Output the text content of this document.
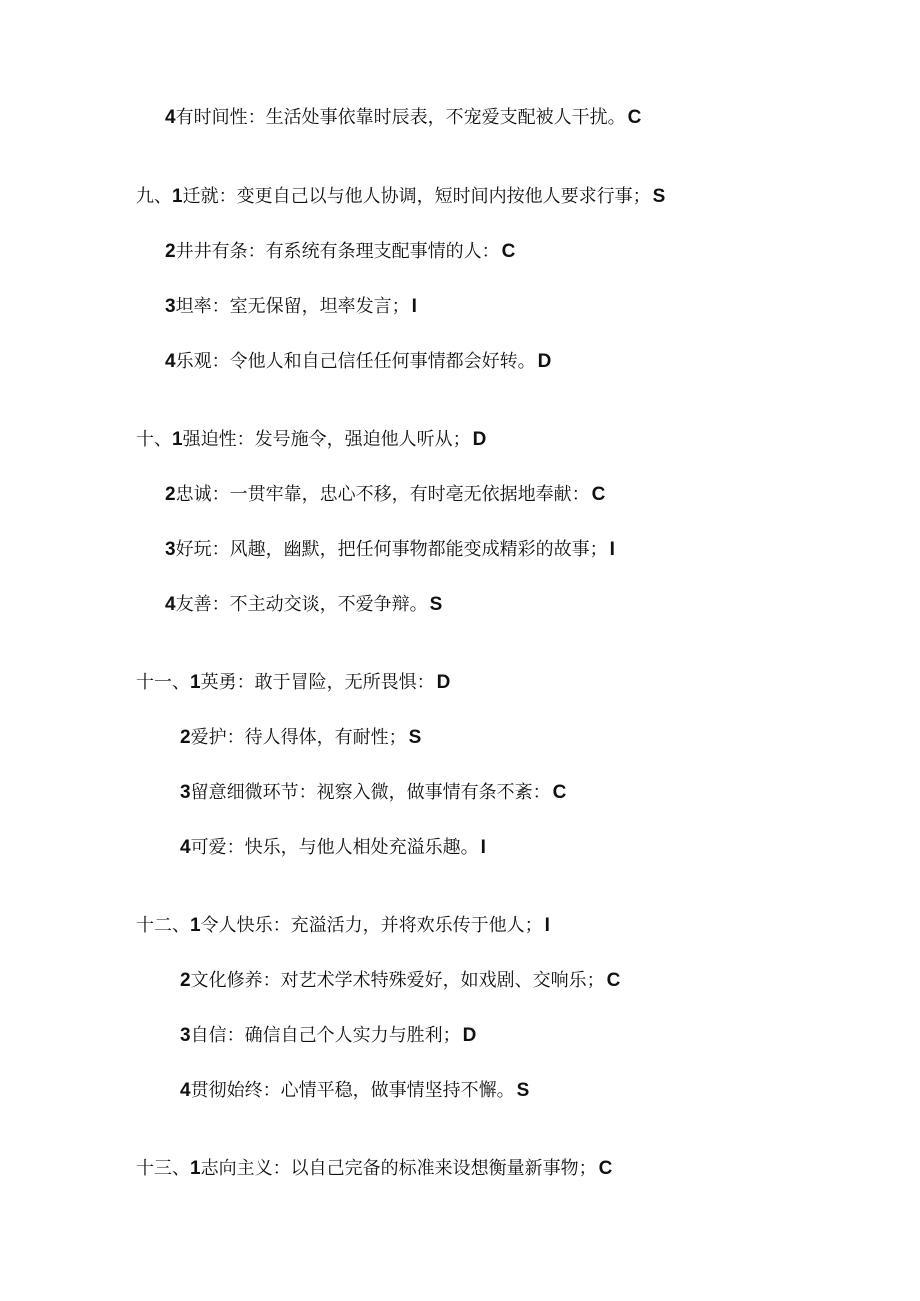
4有时间性：生活处事依靠时辰表，不宠爱支配被人干扰。 C
九、1迁就：变更自己以与他人协调，短时间内按他人要求行事； S
2井井有条：有系统有条理支配事情的人： C
3坦率：室无保留，坦率发言； I
4乐观：令他人和自己信任任何事情都会好转。 D
十、1强迫性：发号施令，强迫他人听从； D
2忠诚：一贯牢靠，忠心不移，有时亳无依据地奉献： C
3好玩：风趣，幽默，把任何事物都能变成精彩的故事； I
4友善：不主动交谈，不爱争辩。 S
十一、1英勇：敢于冒险，无所畏惧： D
2爱护：待人得体，有耐性； S
3留意细微环节：视察入微，做事情有条不紊： C
4可爱：快乐，与他人相处充溢乐趣。 I
十二、1令人快乐：充溢活力，并将欢乐传于他人； I
2文化修养：对艺术学术特殊爱好，如戏剧、交响乐； C
3自信：确信自己个人实力与胜利； D
4贯彻始终：心情平稳，做事情坚持不懈。 S
十三、1志向主义：以自己完备的标准来设想衡量新事物； C
